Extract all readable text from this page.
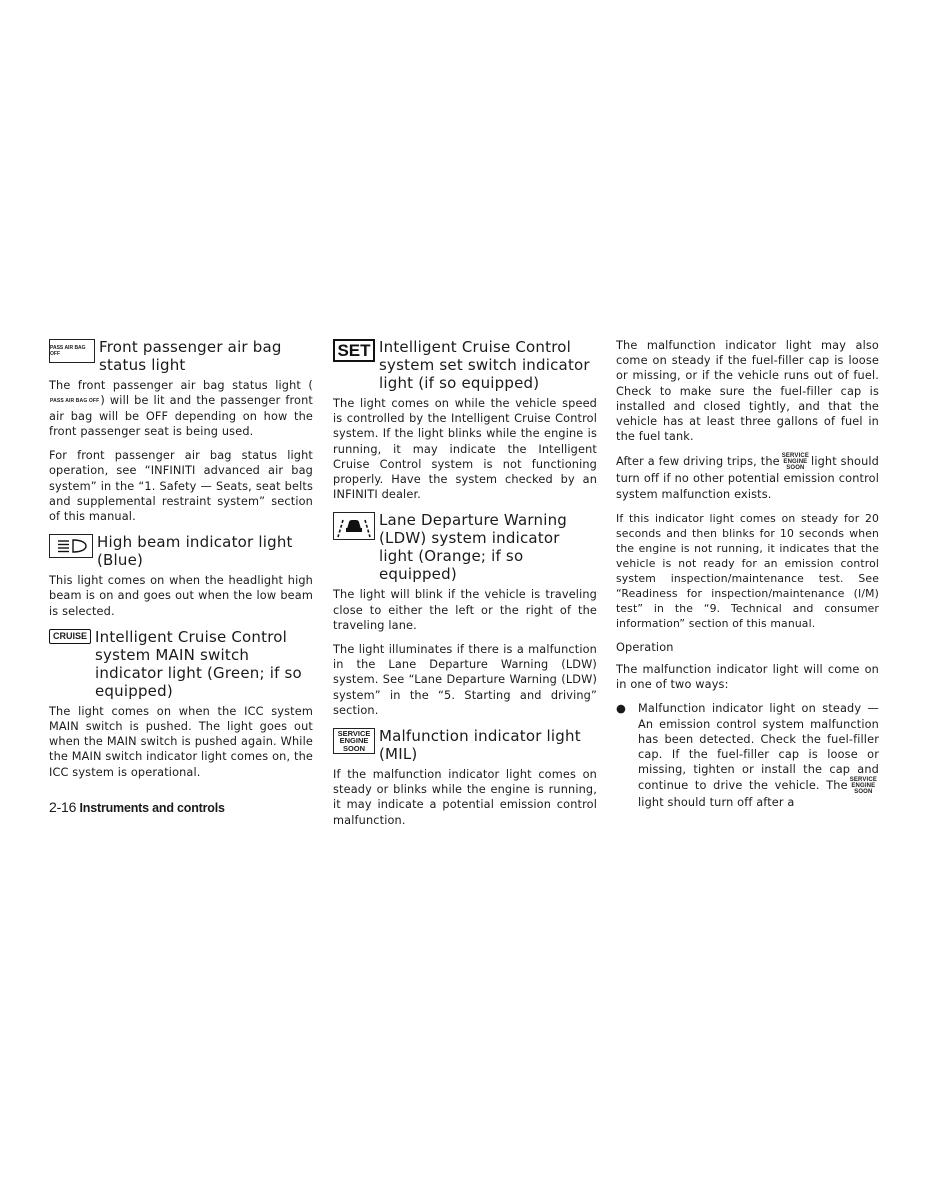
PASS AIR BAG OFF	Front passenger air bag status light

The front passenger air bag status light (PASS AIR BAG OFF) will be lit and the passenger front air bag will be OFF depending on how the front passenger seat is being used.

For front passenger air bag status light operation, see “INFINITI advanced air bag system” in the “1. Safety — Seats, seat belts and supplemental restraint system” section of this manual.

High beam indicator light (Blue)

This light comes on when the headlight high beam is on and goes out when the low beam is selected.

CRUISE Intelligent Cruise Control system MAIN switch indicator light (Green; if so equipped)

The light comes on when the ICC system MAIN switch is pushed. The light goes out when the MAIN switch is pushed again. While the MAIN switch indicator light comes on, the ICC system is operational.

SET Intelligent Cruise Control system set switch indicator light (if so equipped)

The light comes on while the vehicle speed is controlled by the Intelligent Cruise Control system. If the light blinks while the engine is running, it may indicate the Intelligent Cruise Control system is not functioning properly. Have the system checked by an INFINITI dealer.

Lane Departure Warning (LDW) system indicator light (Orange; if so equipped)

The light will blink if the vehicle is traveling close to either the left or the right of the traveling lane.

The light illuminates if there is a malfunction in the Lane Departure Warning (LDW) system. See “Lane Departure Warning (LDW) system” in the “5. Starting and driving” section.

SERVICE
ENGINE
SOON
Malfunction indicator light (MIL)

If the malfunction indicator light comes on steady or blinks while the engine is running, it may indicate a potential emission control malfunction.

The malfunction indicator light may also come on steady if the fuel-filler cap is loose or missing, or if the vehicle runs out of fuel. Check to make sure the fuel-filler cap is installed and closed tightly, and that the vehicle has at least three gallons of fuel in the fuel tank.

After a few driving trips, the SERVICE
ENGINE
SOON light should turn off if no other potential emission control system malfunction exists.

If this indicator light comes on steady for 20 seconds and then blinks for 10 seconds when the engine is not running, it indicates that the vehicle is not ready for an emission control system inspection/maintenance test. See “Readiness for inspection/maintenance (I/M) test” in the “9. Technical and consumer information” section of this manual.

Operation

The malfunction indicator light will come on in one of two ways:

●	Malfunction indicator light on steady — An emission control system malfunction has been detected. Check the fuel-filler cap. If the fuel-filler cap is loose or missing, tighten or install the cap and continue to drive the vehicle. The SERVICE
ENGINE
SOON
light should turn off after a

2-16 Instruments and controls
